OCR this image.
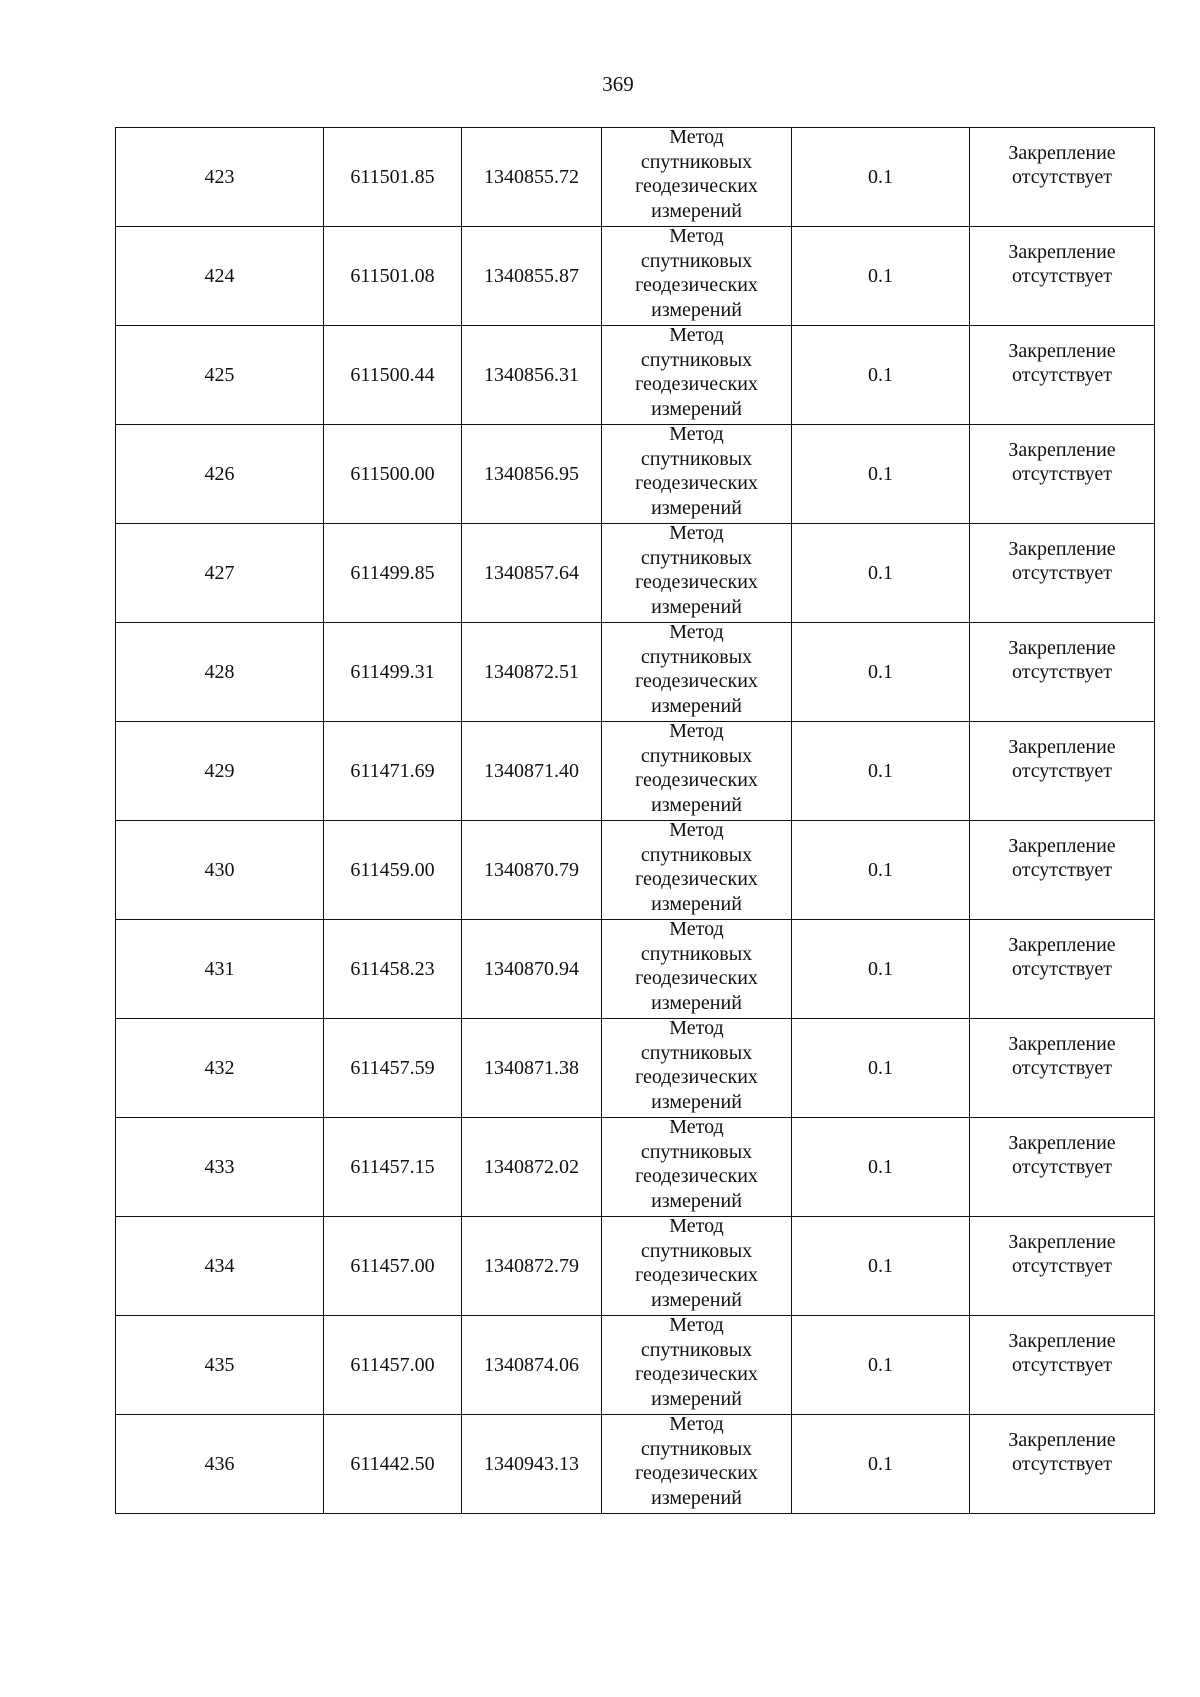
369
423	611501.85	1340855.72	Метод
спутниковых
геодезических
измерений	0.1	Закрепление
отсутствует

424	611501.08	1340855.87	Метод
спутниковых
геодезических
измерений	0.1	Закрепление
отсутствует

425	611500.44	1340856.31	Метод
спутниковых
геодезических
измерений	0.1	Закрепление
отсутствует

426	611500.00	1340856.95	Метод
спутниковых
геодезических
измерений	0.1	Закрепление
отсутствует

427	611499.85	1340857.64	Метод
спутниковых
геодезических
измерений	0.1	Закрепление
отсутствует

428	611499.31	1340872.51	Метод
спутниковых
геодезических
измерений	0.1	Закрепление
отсутствует

429	611471.69	1340871.40	Метод
спутниковых
геодезических
измерений	0.1	Закрепление
отсутствует

430	611459.00	1340870.79	Метод
спутниковых
геодезических
измерений	0.1	Закрепление
отсутствует

431	611458.23	1340870.94	Метод
спутниковых
геодезических
измерений	0.1	Закрепление
отсутствует

432	611457.59	1340871.38	Метод
спутниковых
геодезических
измерений	0.1	Закрепление
отсутствует

433	611457.15	1340872.02	Метод
спутниковых
геодезических
измерений	0.1	Закрепление
отсутствует

434	611457.00	1340872.79	Метод
спутниковых
геодезических
измерений	0.1	Закрепление
отсутствует

435	611457.00	1340874.06	Метод
спутниковых
геодезических
измерений	0.1	Закрепление
отсутствует

436	611442.50	1340943.13	Метод
спутниковых
геодезических
измерений	0.1	Закрепление
отсутствует
